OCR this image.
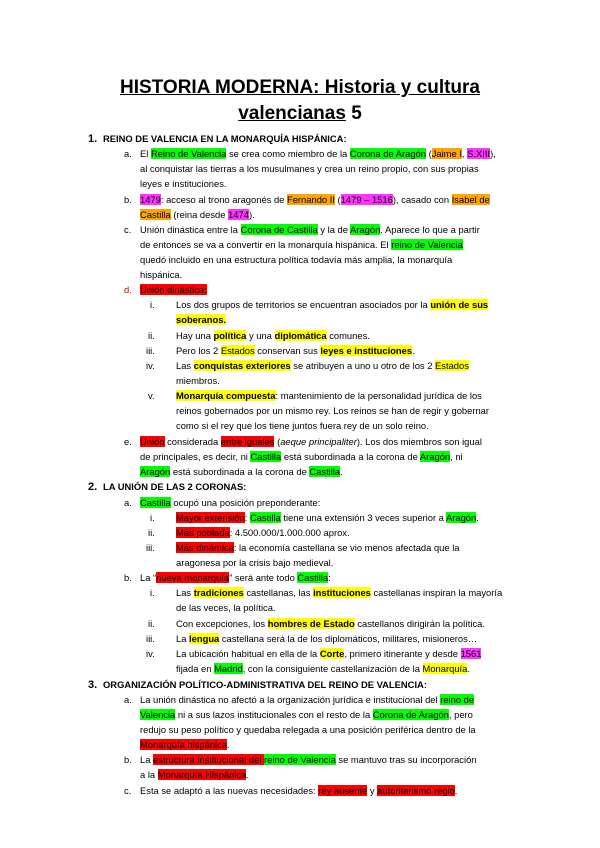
HISTORIA MODERNA: Historia y cultura
valencianas 5
1. REINO DE VALENCIA EN LA MONARQUÍA HISPÁNICA:
a. El Reino de Valencia se crea como miembro de la Corona de Aragón (Jaime I, S.XIII),
al conquistar las tierras a los musulmanes y crea un reino propio, con sus propias
leyes e instituciones.
b. 1479: acceso al trono aragonés de Fernando II (1479 – 1516), casado con Isabel de
Castilla (reina desde 1474).
c. Unión dinástica entre la Corona de Castilla y la de Aragón. Aparece lo que a partir
de entonces se va a convertir en la monarquía hispánica. El reino de Valencia
quedó incluido en una estructura política todavía más amplia, la monarquía
hispánica.
d. Unión dinástica:
i. Los dos grupos de territorios se encuentran asociados por la unión de sus
soberanos.
ii. Hay una política y una diplomática comunes.
iii. Pero los 2 Estados conservan sus leyes e instituciones.
iv. Las conquistas exteriores se atribuyen a uno u otro de los 2 Estados
miembros.
v. Monarquía compuesta: mantenimiento de la personalidad jurídica de los
reinos gobernados por un mismo rey. Los reinos se han de regir y gobernar
como si el rey que los tiene juntos fuera rey de un solo reino.
e. Unión considerada entre iguales (aeque principaliter). Los dos miembros son igual
de principales, es decir, ni Castilla está subordinada a la corona de Aragón, ni
Aragón está subordinada a la corona de Castilla.
2. LA UNIÓN DE LAS 2 CORONAS:
a. Castilla ocupó una posición preponderante:
i. Mayor extensión: Castilla tiene una extensión 3 veces superior a Aragón.
ii. Más poblada: 4.500.000/1.000.000 aprox.
iii. Más dinámica: la economía castellana se vio menos afectada que la
aragonesa por la crisis bajo medieval.
b. La “nueva monarquía” será ante todo Castilla:
i. Las tradiciones castellanas, las instituciones castellanas inspiran la mayoría
de las veces, la política.
ii. Con excepciones, los hombres de Estado castellanos dirigirán la política.
iii. La lengua castellana será la de los diplomáticos, militares, misioneros…
iv. La ubicación habitual en ella de la Corte, primero itinerante y desde 1561
fijada en Madrid, con la consiguiente castellanización de la Monarquía.
3. ORGANIZACIÓN POLÍTICO-ADMINISTRATIVA DEL REINO DE VALENCIA:
a. La unión dinástica no afectó a la organización jurídica e institucional del reino de
Valencia ni a sus lazos institucionales con el resto de la Corona de Aragón, pero
redujo su peso político y quedaba relegada a una posición periférica dentro de la
Monarquía hispánica.
b. La estructura institucional del reino de Valencia se mantuvo tras su incorporación
a la Monarquía Hispánica.
c. Esta se adaptó a las nuevas necesidades: rey ausente y autoritarismo regio.
